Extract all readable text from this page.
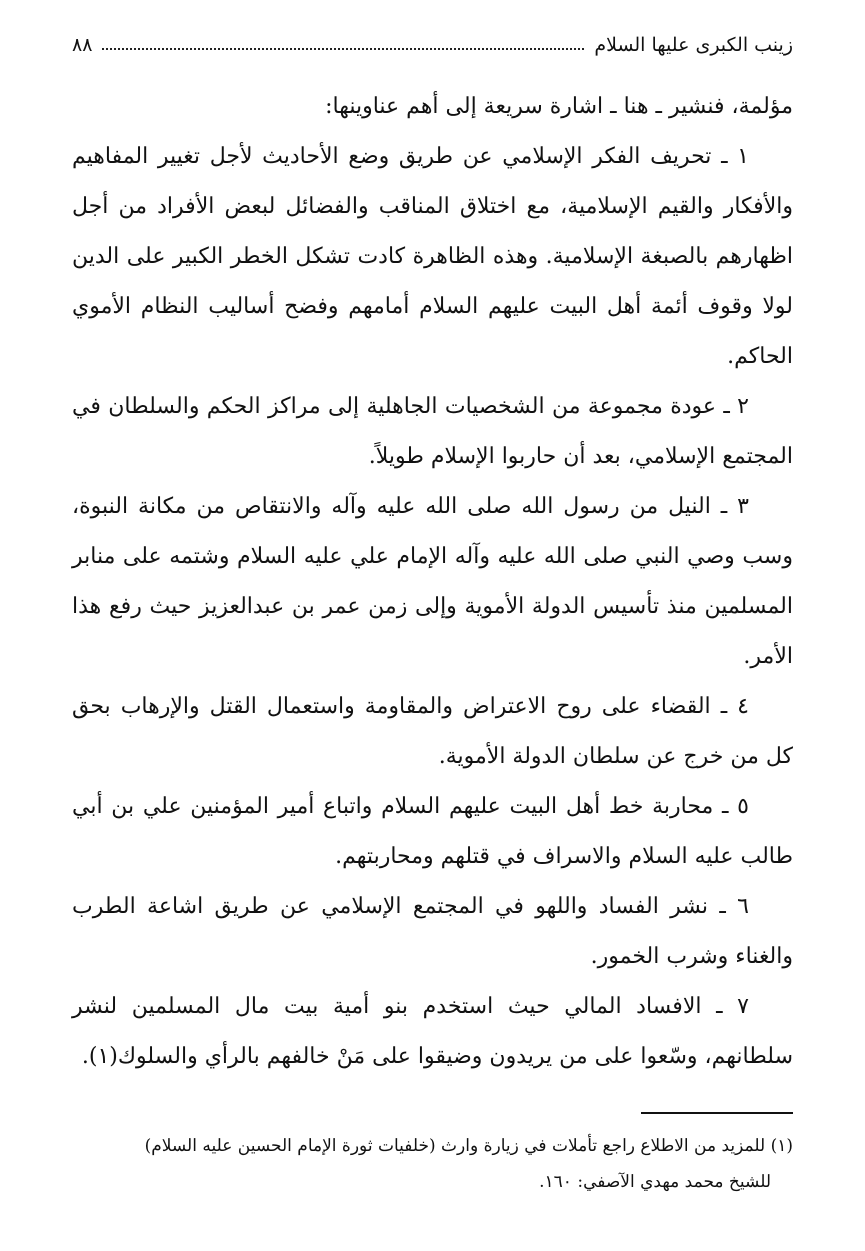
زينب الكبرى عليها السلام
٨٨

مؤلمة، فنشير ـ هنا ـ اشارة سريعة إلى أهم عناوينها:

١ ـ تحريف الفكر الإسلامي عن طريق وضع الأحاديث لأجل تغيير المفاهيم والأفكار والقيم الإسلامية، مع اختلاق المناقب والفضائل لبعض الأفراد من أجل اظهارهم بالصبغة الإسلامية. وهذه الظاهرة كادت تشكل الخطر الكبير على الدين لولا وقوف أئمة أهل البيت عليهم السلام أمامهم وفضح أساليب النظام الأموي الحاكم.

٢ ـ عودة مجموعة من الشخصيات الجاهلية إلى مراكز الحكم والسلطان في المجتمع الإسلامي، بعد أن حاربوا الإسلام طويلاً.

٣ ـ النيل من رسول الله صلى الله عليه وآله والانتقاص من مكانة النبوة، وسب وصي النبي صلى الله عليه وآله الإمام علي عليه السلام وشتمه على منابر المسلمين منذ تأسيس الدولة الأموية وإلى زمن عمر بن عبدالعزيز حيث رفع هذا الأمر.

٤ ـ القضاء على روح الاعتراض والمقاومة واستعمال القتل والإرهاب بحق كل من خرج عن سلطان الدولة الأموية.

٥ ـ محاربة خط أهل البيت عليهم السلام واتباع أمير المؤمنين علي بن أبي طالب عليه السلام والاسراف في قتلهم ومحاربتهم.

٦ ـ نشر الفساد واللهو في المجتمع الإسلامي عن طريق اشاعة الطرب والغناء وشرب الخمور.

٧ ـ الافساد المالي حيث استخدم بنو أمية بيت مال المسلمين لنشر سلطانهم، وسّعوا على من يريدون وضيقوا على مَنْ خالفهم بالرأي والسلوك(١).

(١) للمزيد من الاطلاع راجع تأملات في زيارة وارث (خلفيات ثورة الإمام الحسين عليه السلام)

للشيخ محمد مهدي الآصفي: ١٦٠.
